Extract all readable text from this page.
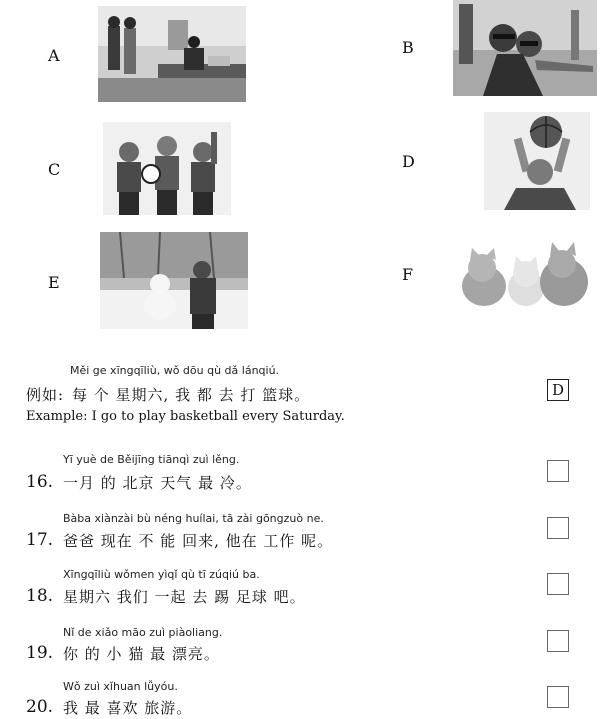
A	B
C	D
E	F
Měi ge xīngqīliù, wǒ dōu qù dǎ lánqiú.
例如: 每 个 星期六, 我 都 去 打 篮球。
Example: I go to play basketball every Saturday.
D
Yī yuè de Běijīng tiānqì zuì lěng.
16. 一月 的 北京 天气 最 冷。
Bàba xiànzài bù néng huílai, tā zài gōngzuò ne.
17. 爸爸 现在 不 能 回来, 他在 工作 呢。
Xīngqīliù wǒmen yìqǐ qù tī zúqiú ba.
18. 星期六 我们 一起 去 踢 足球 吧。
Nǐ de xiǎo māo zuì piàoliang.
19. 你 的 小 猫 最 漂亮。
Wǒ zuì xǐhuan lǚyóu.
20. 我 最 喜欢 旅游。
